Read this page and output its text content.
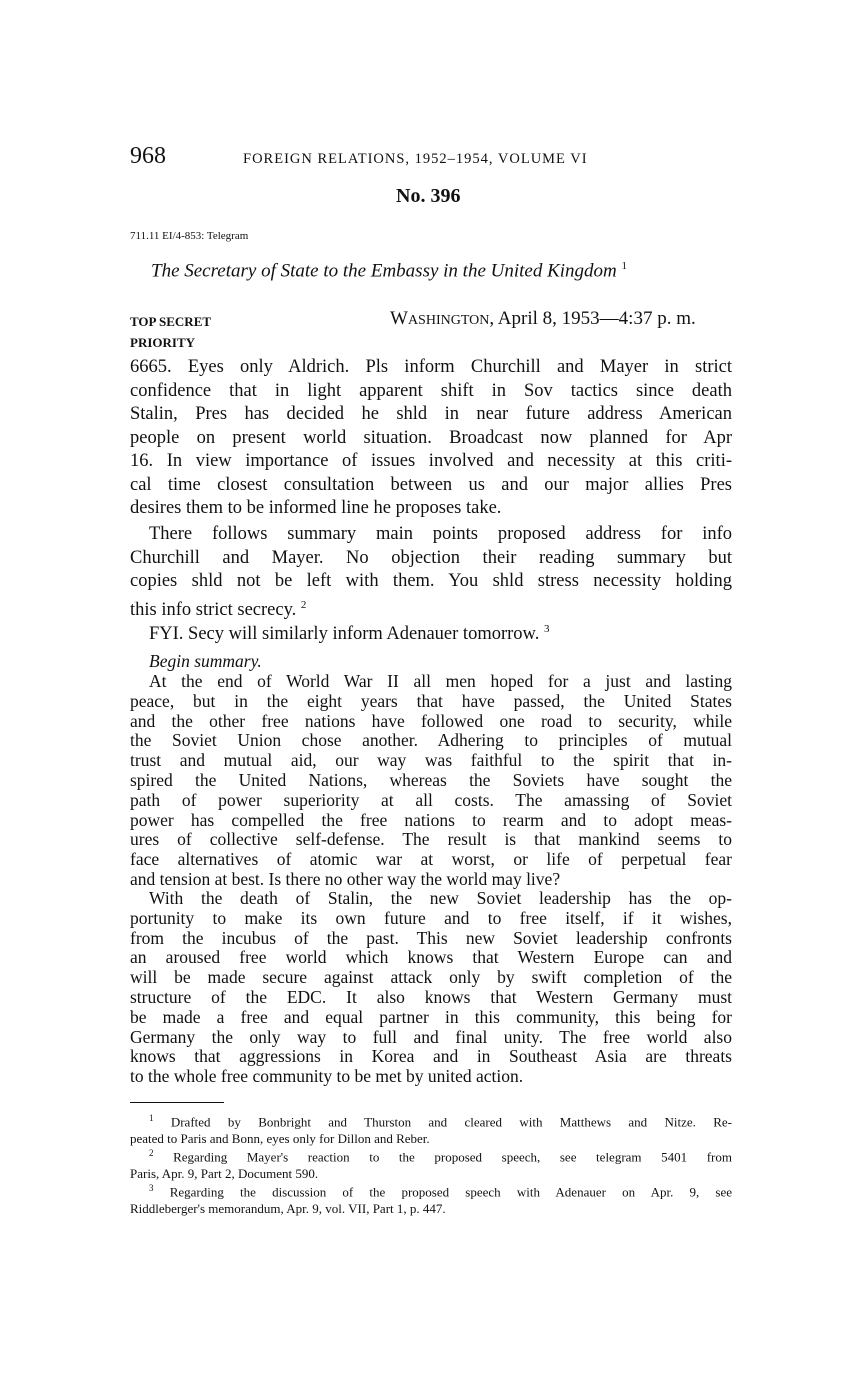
968	FOREIGN RELATIONS, 1952–1954, VOLUME VI
No. 396
711.11 EI/4-853: Telegram
The Secretary of State to the Embassy in the United Kingdom $^1$
TOP SECRET
PRIORITY
WASHINGTON, April 8, 1953—4:37 p. m.
6665. Eyes only Aldrich. Pls inform Churchill and Mayer in strict
confidence that in light apparent shift in Sov tactics since death
Stalin, Pres has decided he shld in near future address American
people on present world situation. Broadcast now planned for Apr
16. In view importance of issues involved and necessity at this criti-
cal time closest consultation between us and our major allies Pres
desires them to be informed line he proposes take.
There follows summary main points proposed address for info
Churchill and Mayer. No objection their reading summary but
copies shld not be left with them. You shld stress necessity holding
this info strict secrecy. $^2$
FYI. Secy will similarly inform Adenauer tomorrow. $^3$
Begin summary.
At the end of World War II all men hoped for a just and lasting
peace, but in the eight years that have passed, the United States
and the other free nations have followed one road to security, while
the Soviet Union chose another. Adhering to principles of mutual
trust and mutual aid, our way was faithful to the spirit that in-
spired the United Nations, whereas the Soviets have sought the
path of power superiority at all costs. The amassing of Soviet
power has compelled the free nations to rearm and to adopt meas-
ures of collective self-defense. The result is that mankind seems to
face alternatives of atomic war at worst, or life of perpetual fear
and tension at best. Is there no other way the world may live?
With the death of Stalin, the new Soviet leadership has the op-
portunity to make its own future and to free itself, if it wishes,
from the incubus of the past. This new Soviet leadership confronts
an aroused free world which knows that Western Europe can and
will be made secure against attack only by swift completion of the
structure of the EDC. It also knows that Western Germany must
be made a free and equal partner in this community, this being for
Germany the only way to full and final unity. The free world also
knows that aggressions in Korea and in Southeast Asia are threats
to the whole free community to be met by united action.
$^1$ Drafted by Bonbright and Thurston and cleared with Matthews and Nitze. Re-
peated to Paris and Bonn, eyes only for Dillon and Reber.
$^2$ Regarding Mayer's reaction to the proposed speech, see telegram 5401 from
Paris, Apr. 9, Part 2, Document 590.
$^3$ Regarding the discussion of the proposed speech with Adenauer on Apr. 9, see
Riddleberger's memorandum, Apr. 9, vol. VII, Part 1, p. 447.
